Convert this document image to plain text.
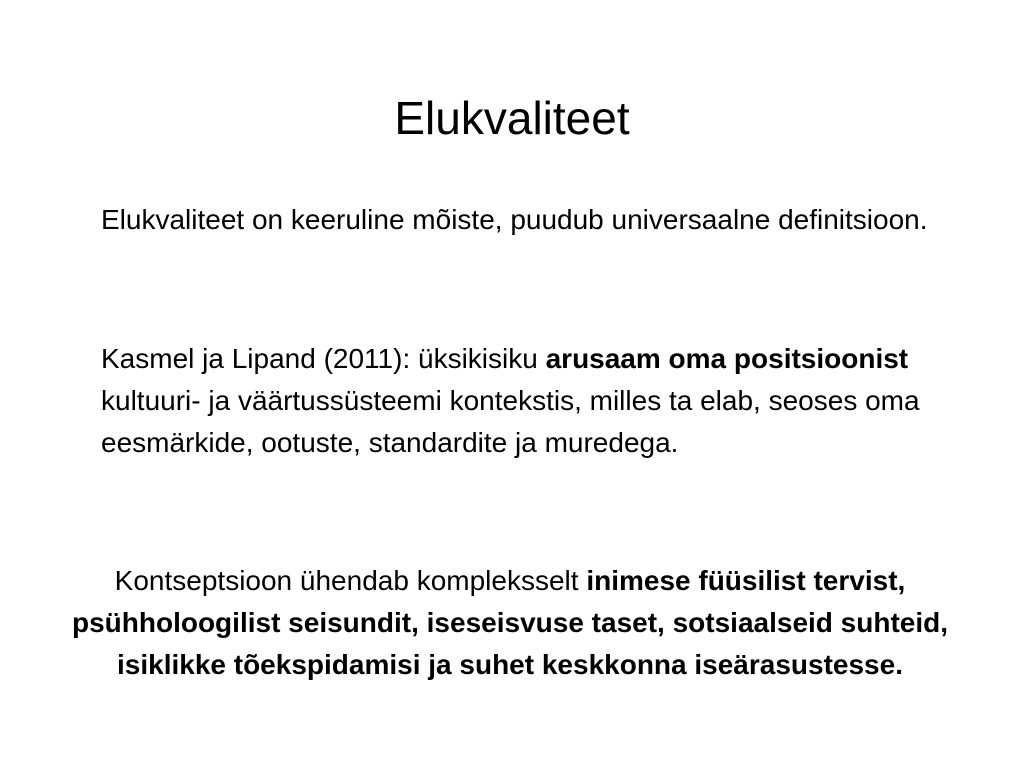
Elukvaliteet

Elukvaliteet on keeruline mõiste, puudub universaalne definitsioon.

Kasmel ja Lipand (2011): üksikisiku arusaam oma positsioonist kultuuri- ja väärtussüsteemi kontekstis, milles ta elab, seoses oma eesmärkide, ootuste, standardite ja muredega.

Kontseptsioon ühendab kompleksselt inimese füüsilist tervist, psühholoogilist seisundit, iseseisvuse taset, sotsiaalseid suhteid, isiklikke tõekspidamisi ja suhet keskkonna iseärasustesse.
